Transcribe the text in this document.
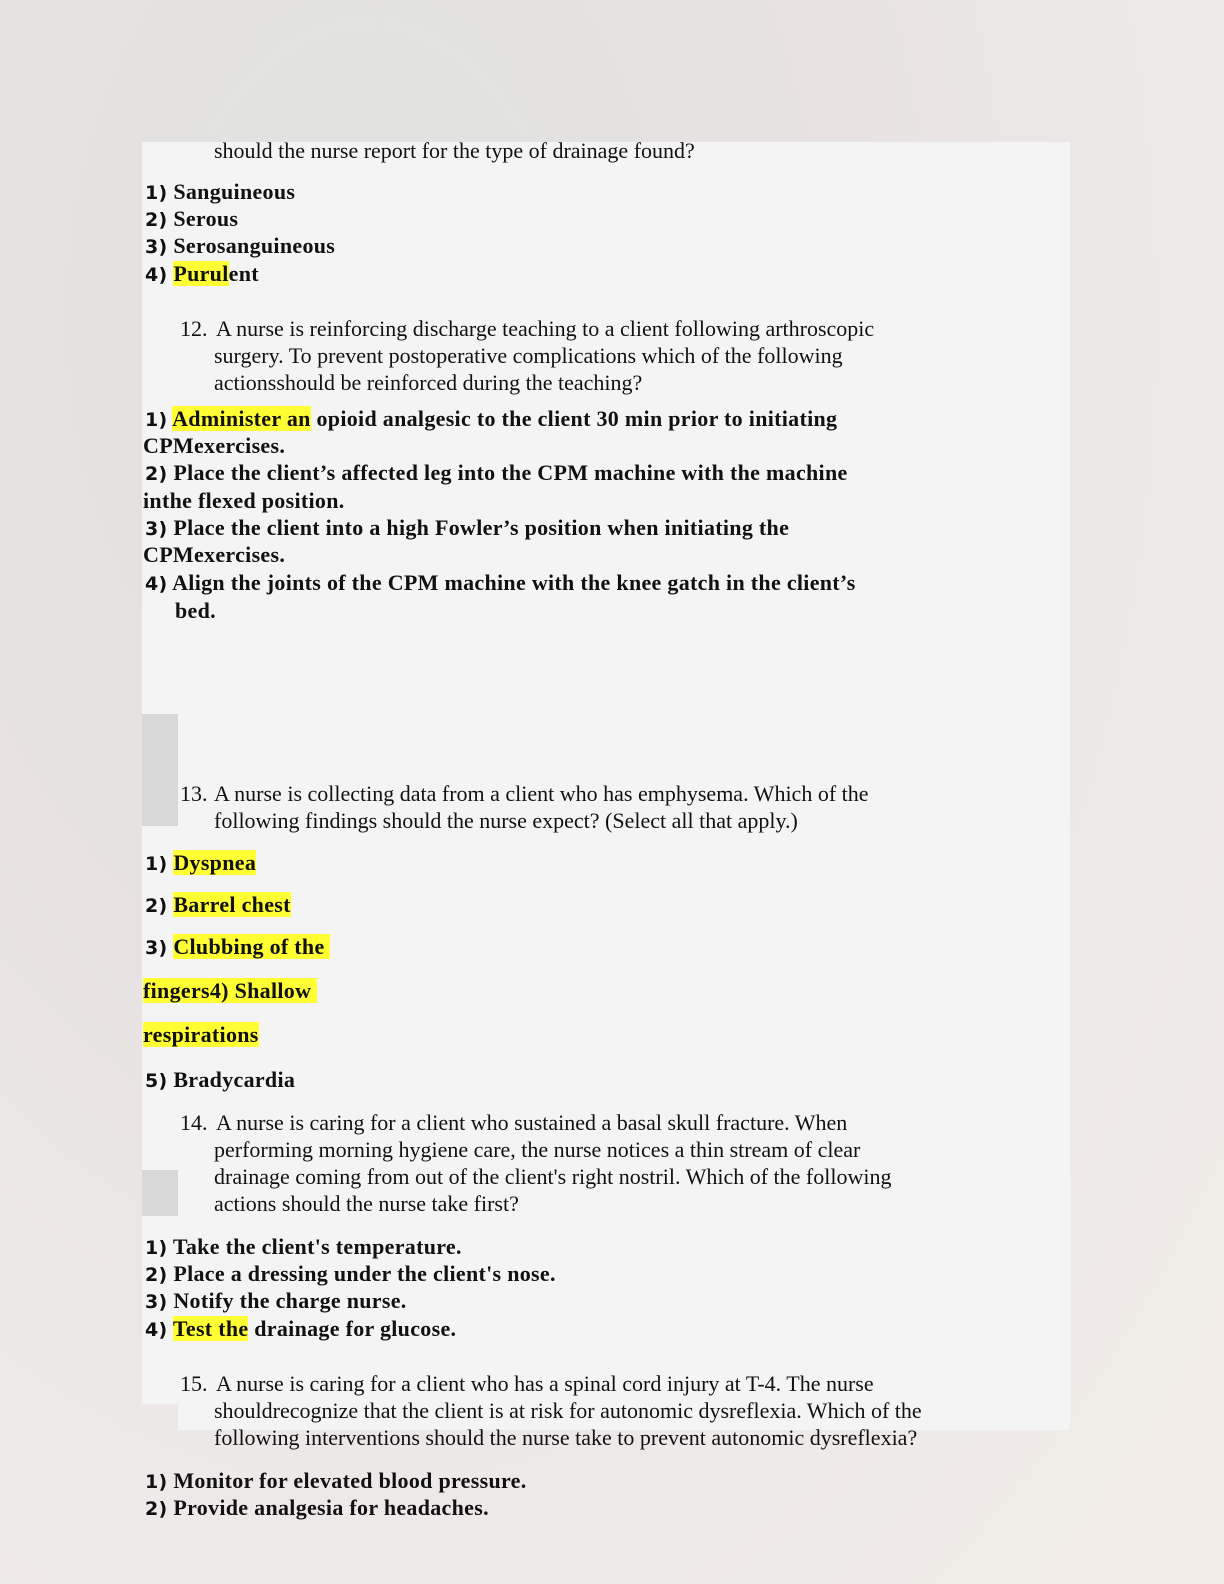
should the nurse report for the type of drainage found?
1) Sanguineous
2) Serous
3) Serosanguineous
4) Purulent
12. A nurse is reinforcing discharge teaching to a client following arthroscopic
surgery. To prevent postoperative complications which of the following
actionsshould be reinforced during the teaching?
1) Administer an opioid analgesic to the client 30 min prior to initiating
CPMexercises.
2) Place the client’s affected leg into the CPM machine with the machine
inthe flexed position.
3) Place the client into a high Fowler’s position when initiating the
CPMexercises.
4) Align the joints of the CPM machine with the knee gatch in the client’s
bed.
13. A nurse is collecting data from a client who has emphysema. Which of the
following findings should the nurse expect? (Select all that apply.)
1) Dyspnea
2) Barrel chest
3) Clubbing of the
fingers4) Shallow
respirations
5) Bradycardia
14. A nurse is caring for a client who sustained a basal skull fracture. When
performing morning hygiene care, the nurse notices a thin stream of clear
drainage coming from out of the client's right nostril. Which of the following
actions should the nurse take first?
1) Take the client's temperature.
2) Place a dressing under the client's nose.
3) Notify the charge nurse.
4) Test the drainage for glucose.
15. A nurse is caring for a client who has a spinal cord injury at T-4. The nurse
shouldrecognize that the client is at risk for autonomic dysreflexia. Which of the
following interventions should the nurse take to prevent autonomic dysreflexia?
1) Monitor for elevated blood pressure.
2) Provide analgesia for headaches.
